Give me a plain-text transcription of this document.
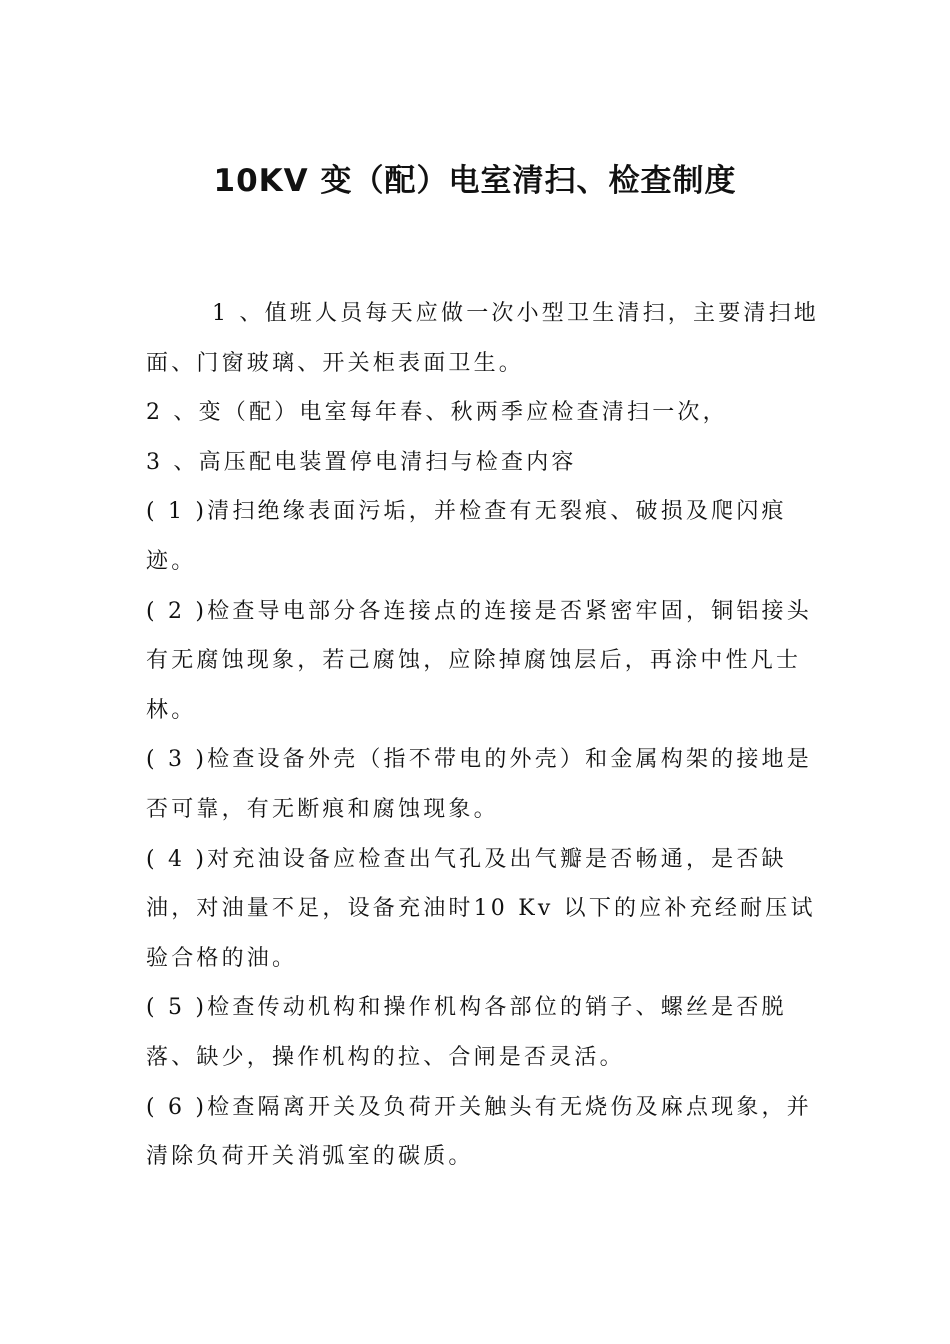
10KV 变（配）电室清扫、检查制度

1 、值班人员每天应做一次小型卫生清扫，主要清扫地面、门窗玻璃、开关柜表面卫生。

2 、变（配）电室每年春、秋两季应检查清扫一次，

3 、高压配电装置停电清扫与检查内容

( 1 )清扫绝缘表面污垢，并检查有无裂痕、破损及爬闪痕迹。

( 2 )检查导电部分各连接点的连接是否紧密牢固，铜铝接头有无腐蚀现象，若己腐蚀，应除掉腐蚀层后，再涂中性凡士林。

( 3 )检查设备外壳（指不带电的外壳）和金属构架的接地是否可靠，有无断痕和腐蚀现象。

( 4 )对充油设备应检查出气孔及出气瓣是否畅通，是否缺油，对油量不足，设备充油时10 Kv 以下的应补充经耐压试验合格的油。

( 5 )检查传动机构和操作机构各部位的销子、螺丝是否脱落、缺少，操作机构的拉、合闸是否灵活。

( 6 )检查隔离开关及负荷开关触头有无烧伤及麻点现象，并清除负荷开关消弧室的碳质。
